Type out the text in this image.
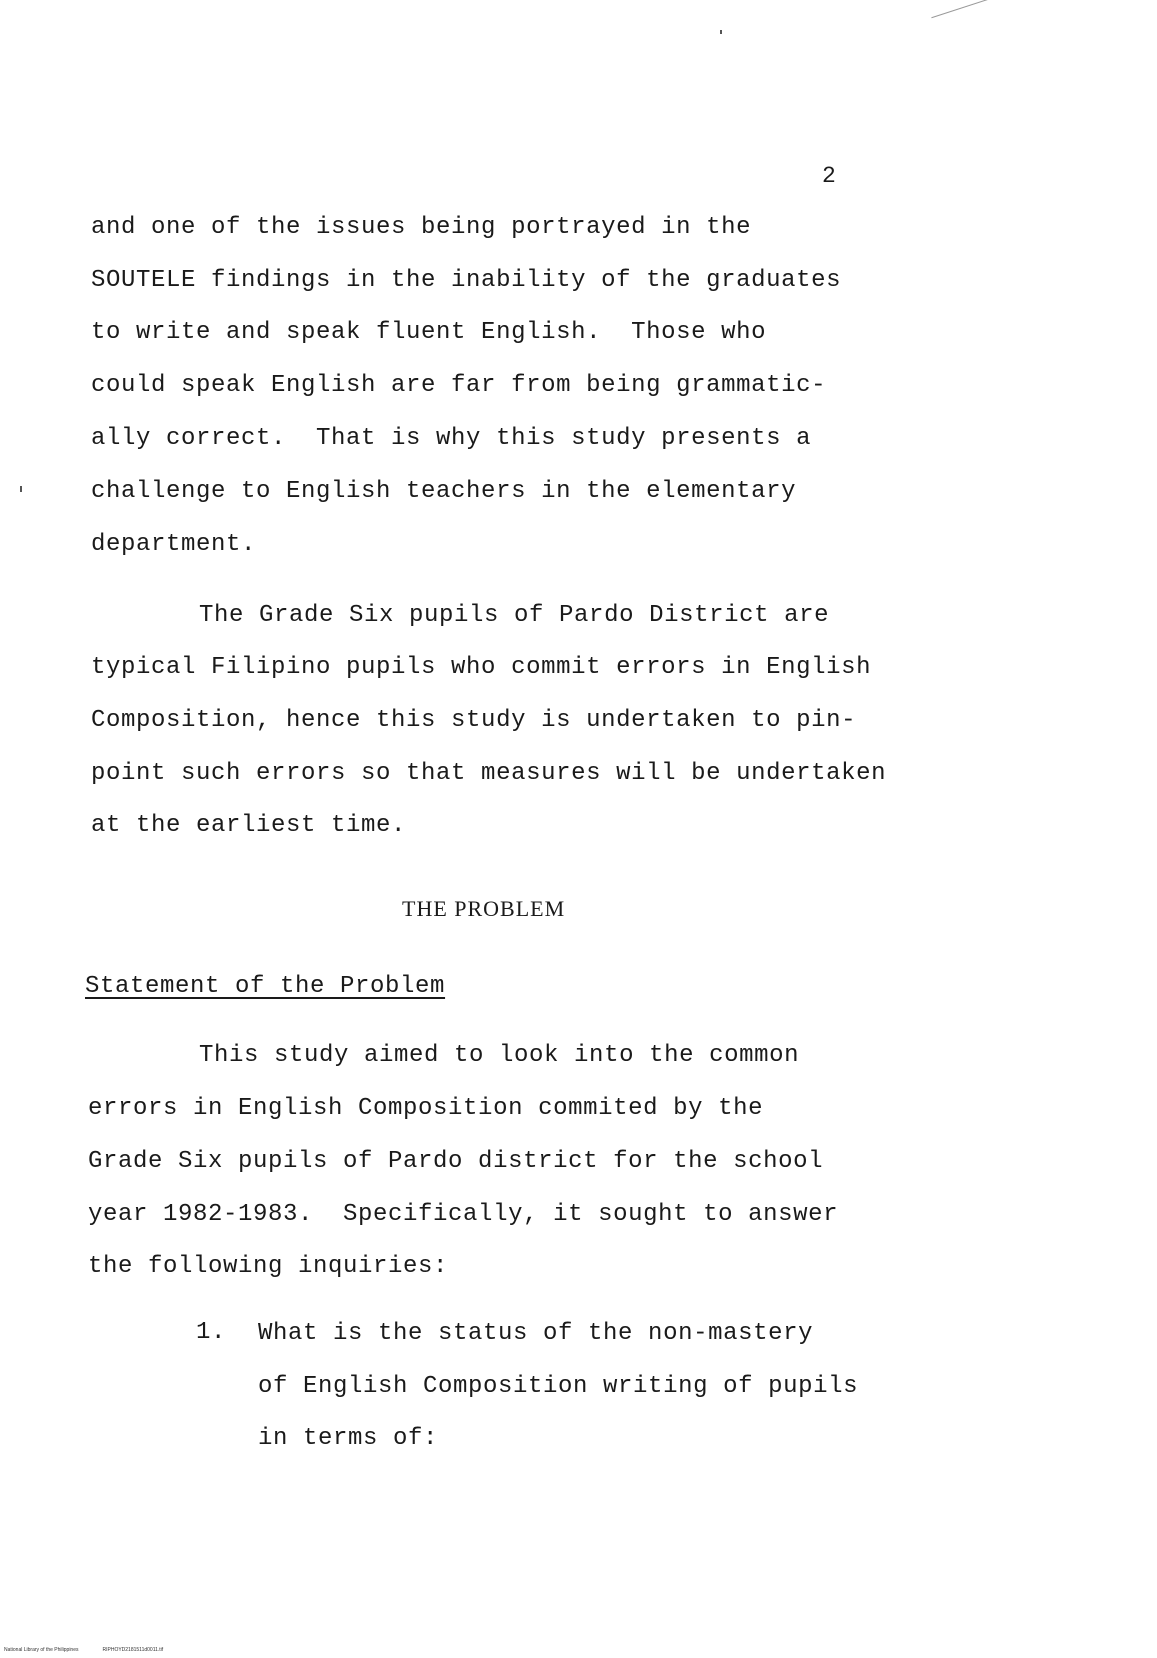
2
and one of the issues being portrayed in the
SOUTELE findings in the inability of the graduates
to write and speak fluent English.  Those who
could speak English are far from being grammatic-
ally correct.  That is why this study presents a
challenge to English teachers in the elementary
department.
The Grade Six pupils of Pardo District are
typical Filipino pupils who commit errors in English
Composition, hence this study is undertaken to pin-
point such errors so that measures will be undertaken
at the earliest time.
THE PROBLEM
Statement of the Problem
This study aimed to look into the common
errors in English Composition commited by the
Grade Six pupils of Pardo district for the school
year 1982-1983.  Specifically, it sought to answer
the following inquiries:
1. What is the status of the non-mastery
of English Composition writing of pupils
in terms of:
National Library of the Philippines	RIPHOYD2181511d0011.tif
